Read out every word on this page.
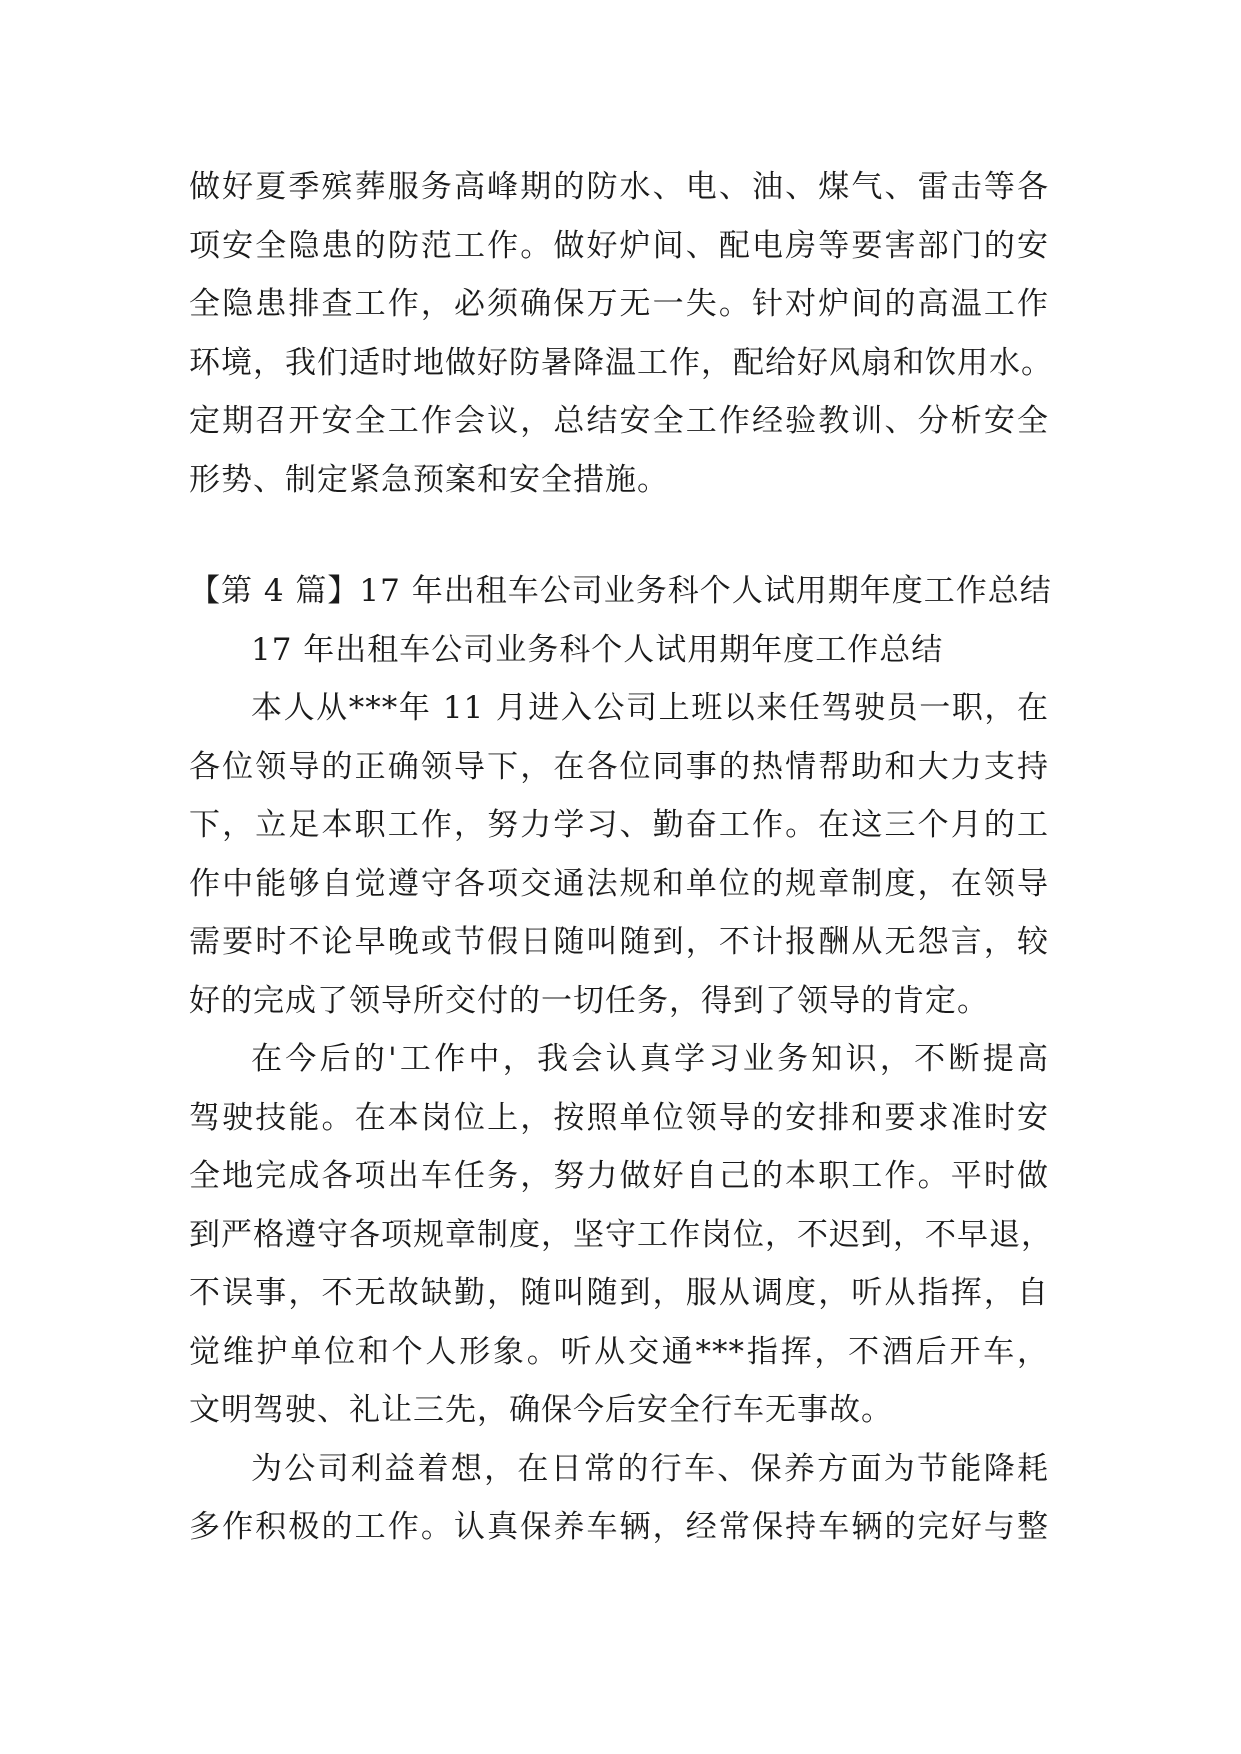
做好夏季殡葬服务高峰期的防水、电、油、煤气、雷击等各
项安全隐患的防范工作。做好炉间、配电房等要害部门的安
全隐患排查工作，必须确保万无一失。针对炉间的高温工作
环境，我们适时地做好防暑降温工作，配给好风扇和饮用水。
定期召开安全工作会议，总结安全工作经验教训、分析安全
形势、制定紧急预案和安全措施。
【第 4 篇】17 年出租车公司业务科个人试用期年度工作总结
17 年出租车公司业务科个人试用期年度工作总结
本人从***年 11 月进入公司上班以来任驾驶员一职，在
各位领导的正确领导下，在各位同事的热情帮助和大力支持
下，立足本职工作，努力学习、勤奋工作。在这三个月的工
作中能够自觉遵守各项交通法规和单位的规章制度，在领导
需要时不论早晚或节假日随叫随到，不计报酬从无怨言，较
好的完成了领导所交付的一切任务，得到了领导的肯定。
在今后的'工作中，我会认真学习业务知识，不断提高
驾驶技能。在本岗位上，按照单位领导的安排和要求准时安
全地完成各项出车任务，努力做好自己的本职工作。平时做
到严格遵守各项规章制度，坚守工作岗位，不迟到，不早退，
不误事，不无故缺勤，随叫随到，服从调度，听从指挥，自
觉维护单位和个人形象。听从交通***指挥，不酒后开车，
文明驾驶、礼让三先，确保今后安全行车无事故。
为公司利益着想，在日常的行车、保养方面为节能降耗
多作积极的工作。认真保养车辆，经常保持车辆的完好与整
